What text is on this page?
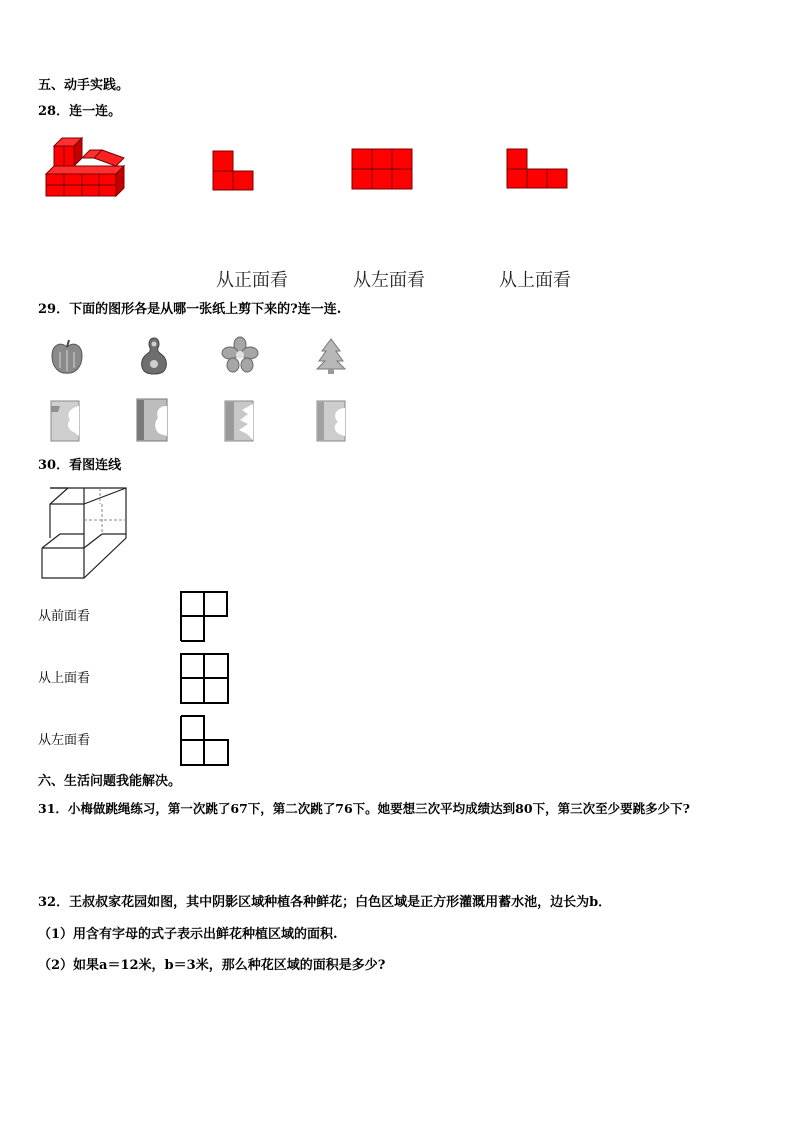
五、动手实践。
28．连一连。
从正面看	从左面看	从上面看
29．下面的图形各是从哪一张纸上剪下来的?连一连.
30．看图连线
从前面看
从上面看
从左面看
六、生活问题我能解决。
31．小梅做跳绳练习，第一次跳了67下，第二次跳了76下。她要想三次平均成绩达到80下，第三次至少要跳多少下?
32．王叔叔家花园如图，其中阴影区域种植各种鲜花；白色区域是正方形灌溉用蓄水池，边长为b．
（1）用含有字母的式子表示出鲜花种植区域的面积.
（2）如果a＝12米，b＝3米，那么种花区域的面积是多少?
